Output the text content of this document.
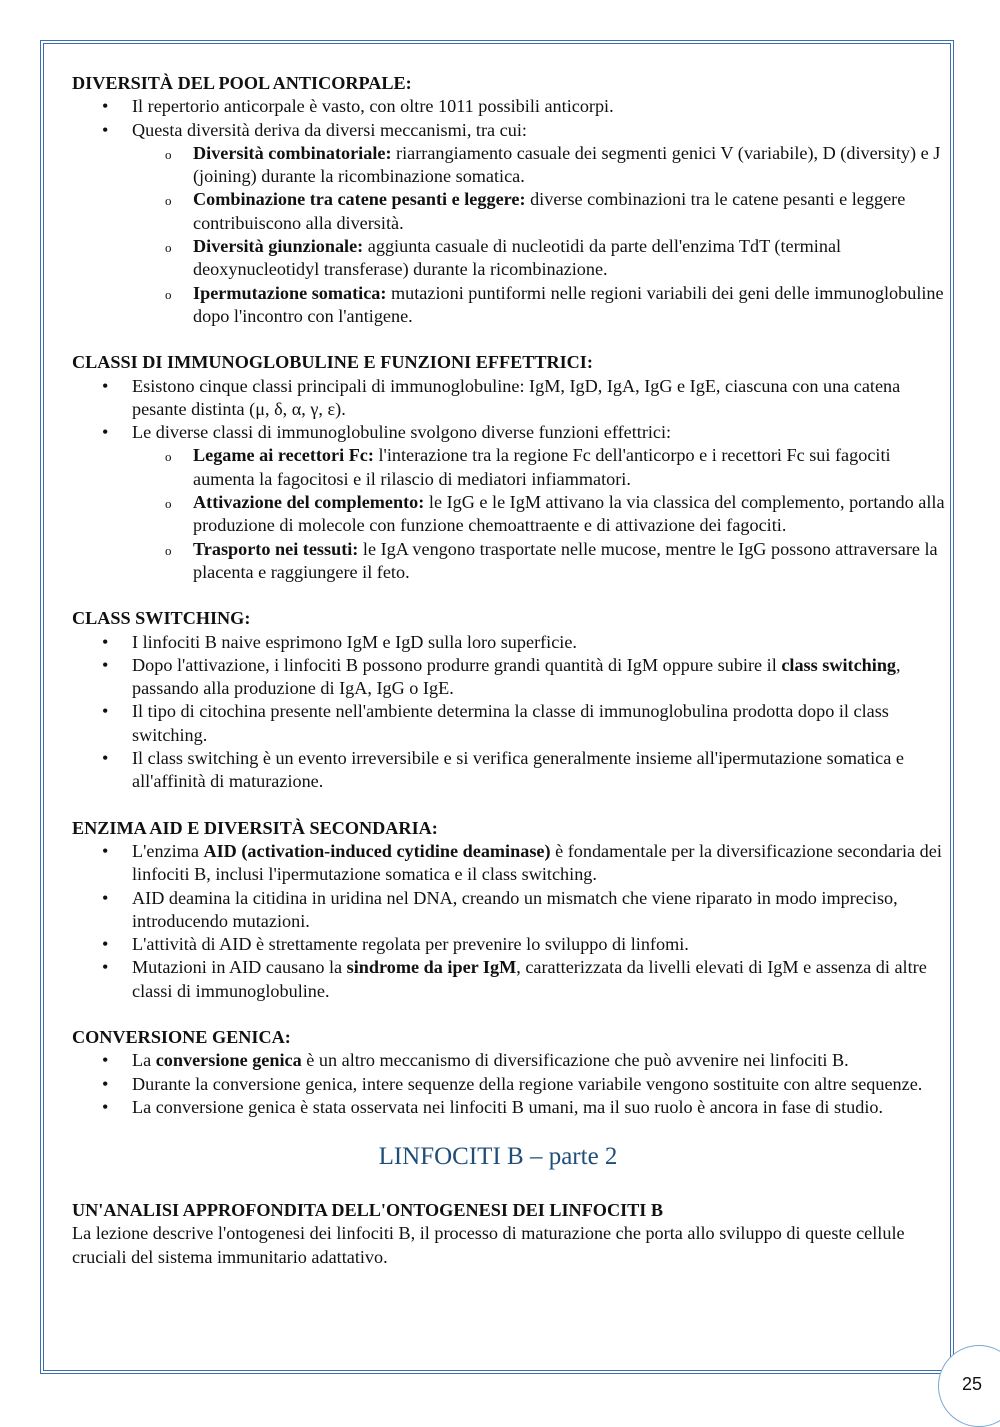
DIVERSITÀ DEL POOL ANTICORPALE:
• Il repertorio anticorpale è vasto, con oltre 1011 possibili anticorpi.
• Questa diversità deriva da diversi meccanismi, tra cui:
o Diversità combinatoriale: riarrangiamento casuale dei segmenti genici V (variabile), D (diversity) e J (joining) durante la ricombinazione somatica.
o Combinazione tra catene pesanti e leggere: diverse combinazioni tra le catene pesanti e leggere contribuiscono alla diversità.
o Diversità giunzionale: aggiunta casuale di nucleotidi da parte dell'enzima TdT (terminal deoxynucleotidyl transferase) durante la ricombinazione.
o Ipermutazione somatica: mutazioni puntiformi nelle regioni variabili dei geni delle immunoglobuline dopo l'incontro con l'antigene.
CLASSI DI IMMUNOGLOBULINE E FUNZIONI EFFETTRICI:
• Esistono cinque classi principali di immunoglobuline: IgM, IgD, IgA, IgG e IgE, ciascuna con una catena pesante distinta (μ, δ, α, γ, ε).
• Le diverse classi di immunoglobuline svolgono diverse funzioni effettrici:
o Legame ai recettori Fc: l'interazione tra la regione Fc dell'anticorpo e i recettori Fc sui fagociti aumenta la fagocitosi e il rilascio di mediatori infiammatori.
o Attivazione del complemento: le IgG e le IgM attivano la via classica del complemento, portando alla produzione di molecole con funzione chemoattraente e di attivazione dei fagociti.
o Trasporto nei tessuti: le IgA vengono trasportate nelle mucose, mentre le IgG possono attraversare la placenta e raggiungere il feto.
CLASS SWITCHING:
• I linfociti B naive esprimono IgM e IgD sulla loro superficie.
• Dopo l'attivazione, i linfociti B possono produrre grandi quantità di IgM oppure subire il class switching, passando alla produzione di IgA, IgG o IgE.
• Il tipo di citochina presente nell'ambiente determina la classe di immunoglobulina prodotta dopo il class switching.
• Il class switching è un evento irreversibile e si verifica generalmente insieme all'ipermutazione somatica e all'affinità di maturazione.
ENZIMA AID E DIVERSITÀ SECONDARIA:
• L'enzima AID (activation-induced cytidine deaminase) è fondamentale per la diversificazione secondaria dei linfociti B, inclusi l'ipermutazione somatica e il class switching.
• AID deamina la citidina in uridina nel DNA, creando un mismatch che viene riparato in modo impreciso, introducendo mutazioni.
• L'attività di AID è strettamente regolata per prevenire lo sviluppo di linfomi.
• Mutazioni in AID causano la sindrome da iper IgM, caratterizzata da livelli elevati di IgM e assenza di altre classi di immunoglobuline.
CONVERSIONE GENICA:
• La conversione genica è un altro meccanismo di diversificazione che può avvenire nei linfociti B.
• Durante la conversione genica, intere sequenze della regione variabile vengono sostituite con altre sequenze.
• La conversione genica è stata osservata nei linfociti B umani, ma il suo ruolo è ancora in fase di studio.
LINFOCITI B – parte 2
UN'ANALISI APPROFONDITA DELL'ONTOGENESI DEI LINFOCITI B

La lezione descrive l'ontogenesi dei linfociti B, il processo di maturazione che porta allo sviluppo di queste cellule cruciali del sistema immunitario adattativo.

25
